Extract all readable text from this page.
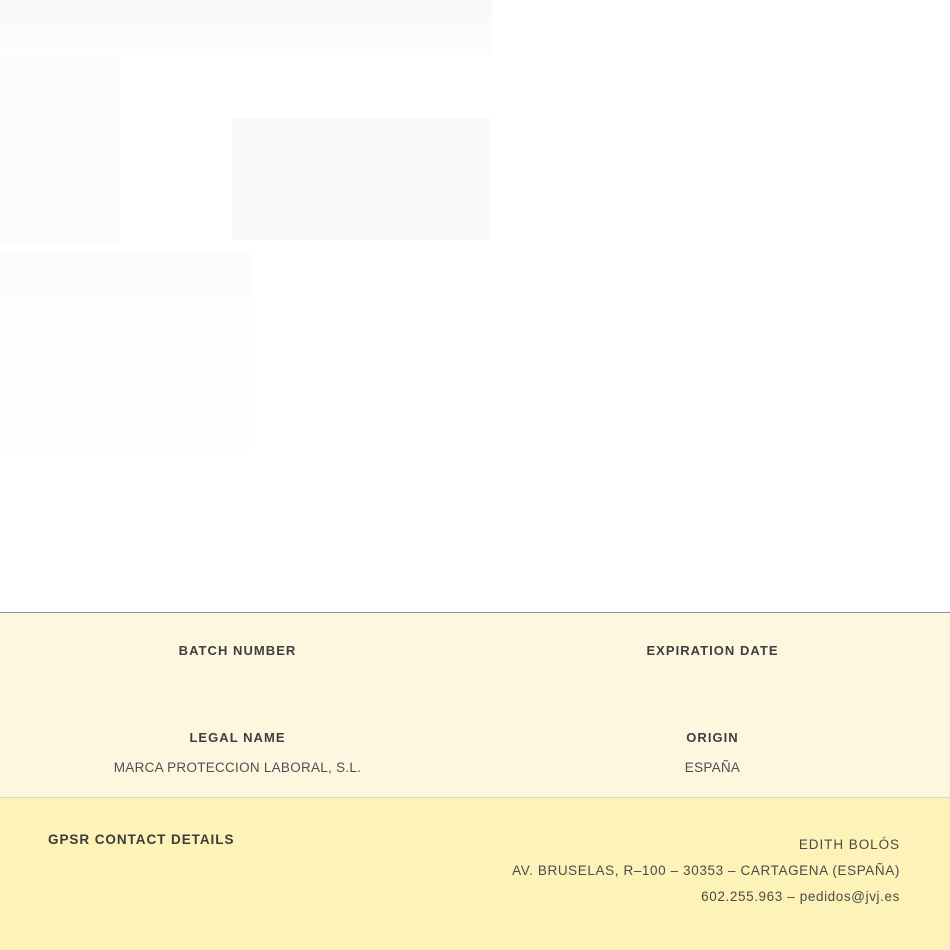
BATCH NUMBER	EXPIRATION DATE
LEGAL NAME
MARCA PROTECCION LABORAL, S.L.
ORIGIN
ESPAÑA
GPSR CONTACT DETAILS	EDITH BOLÓS
AV. BRUSELAS, R–100 – 30353 – CARTAGENA (ESPAÑA)
602.255.963 – pedidos@jvj.es
